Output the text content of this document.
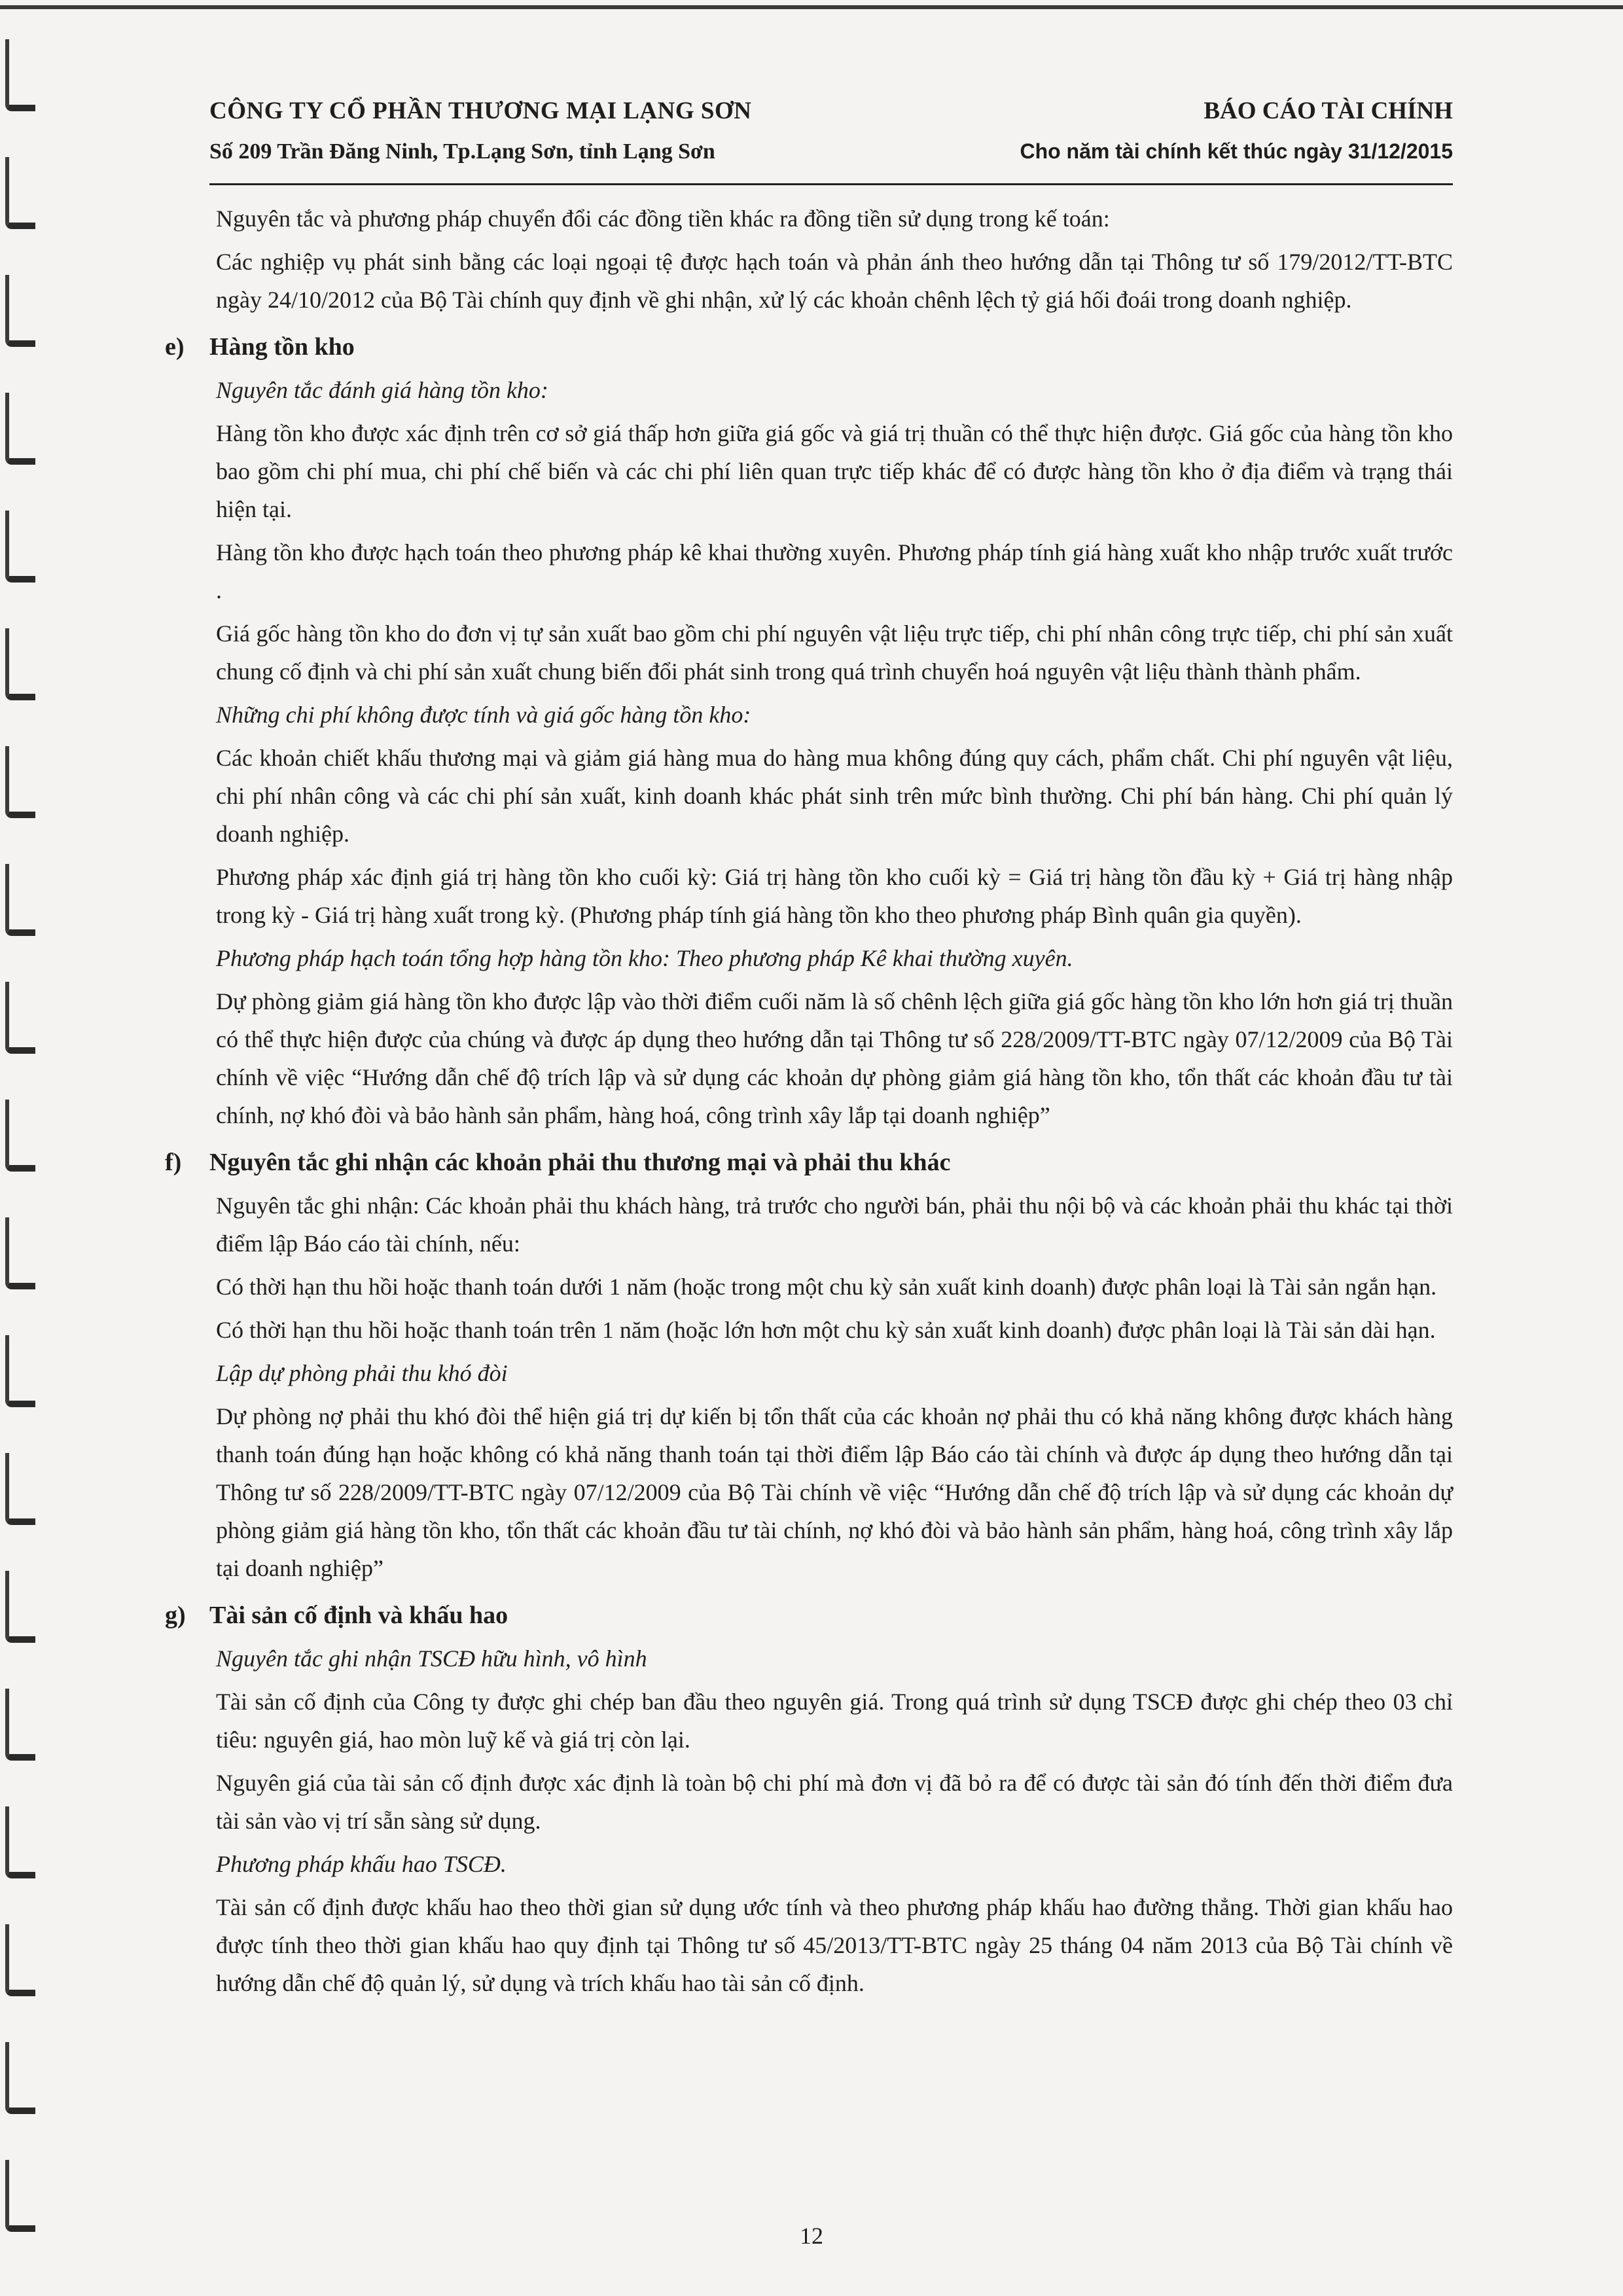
CÔNG TY CỔ PHẦN THƯƠNG MẠI LẠNG SƠN
Số 209 Trần Đăng Ninh, Tp.Lạng Sơn, tỉnh Lạng Sơn
BÁO CÁO TÀI CHÍNH
Cho năm tài chính kết thúc ngày 31/12/2015

Nguyên tắc và phương pháp chuyển đổi các đồng tiền khác ra đồng tiền sử dụng trong kế toán:

Các nghiệp vụ phát sinh bằng các loại ngoại tệ được hạch toán và phản ánh theo hướng dẫn tại Thông tư số 179/2012/TT-BTC ngày 24/10/2012 của Bộ Tài chính quy định về ghi nhận, xử lý các khoản chênh lệch tỷ giá hối đoái trong doanh nghiệp.

e) Hàng tồn kho

Nguyên tắc đánh giá hàng tồn kho:

Hàng tồn kho được xác định trên cơ sở giá thấp hơn giữa giá gốc và giá trị thuần có thể thực hiện được. Giá gốc của hàng tồn kho bao gồm chi phí mua, chi phí chế biến và các chi phí liên quan trực tiếp khác để có được hàng tồn kho ở địa điểm và trạng thái hiện tại.

Hàng tồn kho được hạch toán theo phương pháp kê khai thường xuyên. Phương pháp tính giá hàng xuất kho nhập trước xuất trước .

Giá gốc hàng tồn kho do đơn vị tự sản xuất bao gồm chi phí nguyên vật liệu trực tiếp, chi phí nhân công trực tiếp, chi phí sản xuất chung cố định và chi phí sản xuất chung biến đổi phát sinh trong quá trình chuyển hoá nguyên vật liệu thành thành phẩm.

Những chi phí không được tính và giá gốc hàng tồn kho:

Các khoản chiết khấu thương mại và giảm giá hàng mua do hàng mua không đúng quy cách, phẩm chất. Chi phí nguyên vật liệu, chi phí nhân công và các chi phí sản xuất, kinh doanh khác phát sinh trên mức bình thường. Chi phí bán hàng. Chi phí quản lý doanh nghiệp.

Phương pháp xác định giá trị hàng tồn kho cuối kỳ: Giá trị hàng tồn kho cuối kỳ = Giá trị hàng tồn đầu kỳ + Giá trị hàng nhập trong kỳ - Giá trị hàng xuất trong kỳ. (Phương pháp tính giá hàng tồn kho theo phương pháp Bình quân gia quyền).

Phương pháp hạch toán tổng hợp hàng tồn kho: Theo phương pháp Kê khai thường xuyên.

Dự phòng giảm giá hàng tồn kho được lập vào thời điểm cuối năm là số chênh lệch giữa giá gốc hàng tồn kho lớn hơn giá trị thuần có thể thực hiện được của chúng và được áp dụng theo hướng dẫn tại Thông tư số 228/2009/TT-BTC ngày 07/12/2009 của Bộ Tài chính về việc “Hướng dẫn chế độ trích lập và sử dụng các khoản dự phòng giảm giá hàng tồn kho, tổn thất các khoản đầu tư tài chính, nợ khó đòi và bảo hành sản phẩm, hàng hoá, công trình xây lắp tại doanh nghiệp”

f) Nguyên tắc ghi nhận các khoản phải thu thương mại và phải thu khác

Nguyên tắc ghi nhận: Các khoản phải thu khách hàng, trả trước cho người bán, phải thu nội bộ và các khoản phải thu khác tại thời điểm lập Báo cáo tài chính, nếu:

Có thời hạn thu hồi hoặc thanh toán dưới 1 năm (hoặc trong một chu kỳ sản xuất kinh doanh) được phân loại là Tài sản ngắn hạn.

Có thời hạn thu hồi hoặc thanh toán trên 1 năm (hoặc lớn hơn một chu kỳ sản xuất kinh doanh) được phân loại là Tài sản dài hạn.

Lập dự phòng phải thu khó đòi

Dự phòng nợ phải thu khó đòi thể hiện giá trị dự kiến bị tổn thất của các khoản nợ phải thu có khả năng không được khách hàng thanh toán đúng hạn hoặc không có khả năng thanh toán tại thời điểm lập Báo cáo tài chính và được áp dụng theo hướng dẫn tại Thông tư số 228/2009/TT-BTC ngày 07/12/2009 của Bộ Tài chính về việc “Hướng dẫn chế độ trích lập và sử dụng các khoản dự phòng giảm giá hàng tồn kho, tổn thất các khoản đầu tư tài chính, nợ khó đòi và bảo hành sản phẩm, hàng hoá, công trình xây lắp tại doanh nghiệp”

g) Tài sản cố định và khấu hao

Nguyên tắc ghi nhận TSCĐ hữu hình, vô hình

Tài sản cố định của Công ty được ghi chép ban đầu theo nguyên giá. Trong quá trình sử dụng TSCĐ được ghi chép theo 03 chỉ tiêu: nguyên giá, hao mòn luỹ kế và giá trị còn lại.

Nguyên giá của tài sản cố định được xác định là toàn bộ chi phí mà đơn vị đã bỏ ra để có được tài sản đó tính đến thời điểm đưa tài sản vào vị trí sẵn sàng sử dụng.

Phương pháp khấu hao TSCĐ.

Tài sản cố định được khấu hao theo thời gian sử dụng ước tính và theo phương pháp khấu hao đường thẳng. Thời gian khấu hao được tính theo thời gian khấu hao quy định tại Thông tư số 45/2013/TT-BTC ngày 25 tháng 04 năm 2013 của Bộ Tài chính về hướng dẫn chế độ quản lý, sử dụng và trích khấu hao tài sản cố định.

12
